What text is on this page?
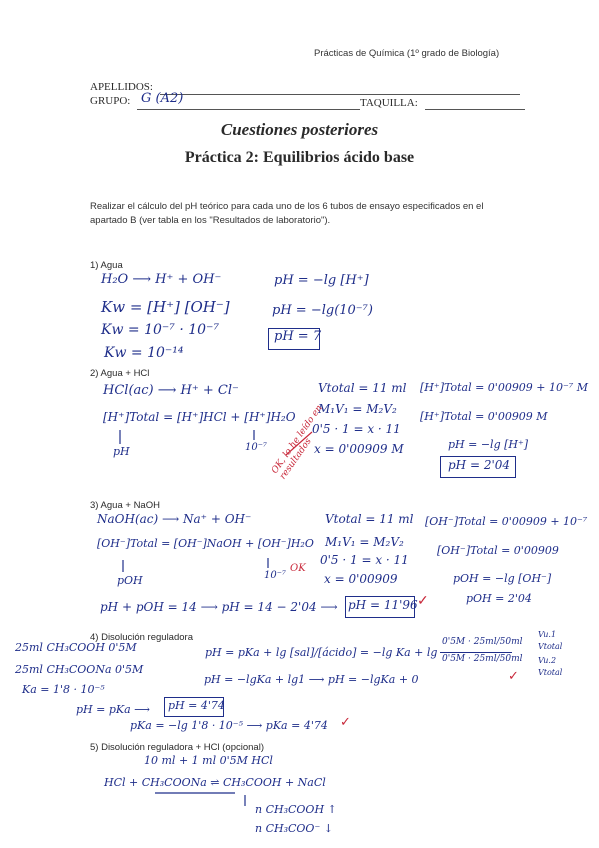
Prácticas de Química (1º grado de Biología)
APELLIDOS:
GRUPO: G (A2)	TAQUILLA:
Cuestiones posteriores
Práctica 2: Equilibrios ácido base
Realizar el cálculo del pH teórico para cada uno de los 6 tubos de ensayo especificados en el apartado B (ver tabla en los "Resultados de laboratorio").
1) Agua
H₂O ⟶ H⁺ + OH⁻
Kw = [H⁺] [OH⁻]
Kw = 10⁻⁷ · 10⁻⁷
Kw = 10⁻¹⁴
pH = −lg [H⁺]
pH = −lg(10⁻⁷)
pH = 7
2) Agua + HCl
HCl(ac) ⟶ H⁺ + Cl⁻
[H⁺]Total = [H⁺]HCl + [H⁺]H₂O
pH	10⁻⁷
Vtotal = 11 ml
M₁V₁ = M₂V₂
0'5 · 1 = x · 11
x = 0'00909 M
[H⁺]Total = 0'00909 + 10⁻⁷ M
[H⁺]Total = 0'00909 M
pH = −lg [H⁺]
pH = 2'04
OK, lo he leído en resultados
3) Agua + NaOH
NaOH(ac) ⟶ Na⁺ + OH⁻
[OH⁻]Total = [OH⁻]NaOH + [OH⁻]H₂O
pOH	10⁻⁷
OK
Vtotal = 11 ml
M₁V₁ = M₂V₂
0'5 · 1 = x · 11
x = 0'00909
[OH⁻]Total = 0'00909 + 10⁻⁷
[OH⁻]Total = 0'00909
pOH = −lg [OH⁻]
pOH = 2'04
pH + pOH = 14 ⟶ pH = 14 − 2'04 ⟶ pH = 11'96 ✓
4) Disolución reguladora
25ml CH₃COOH 0'5M
25ml CH₃COONa 0'5M
Ka = 1'8 · 10⁻⁵
pH = pKa + lg [sal]/[ácido] = −lg Ka + lg
0'5M · 25ml/50ml
0'5M · 25ml/50ml
Vu.1
Vtotal
Vu.2
Vtotal
pH = −lgKa + lg1 ⟶ pH = −lgKa + 0	✓
pH = pKa ⟶ pH = 4'74
pKa = −lg 1'8 · 10⁻⁵ ⟶ pKa = 4'74 ✓
5) Disolución reguladora + HCl (opcional)
10 ml + 1 ml 0'5M HCl
HCl + CH₃COONa ⇌ CH₃COOH + NaCl
n CH₃COOH ↑
n CH₃COO⁻ ↓
